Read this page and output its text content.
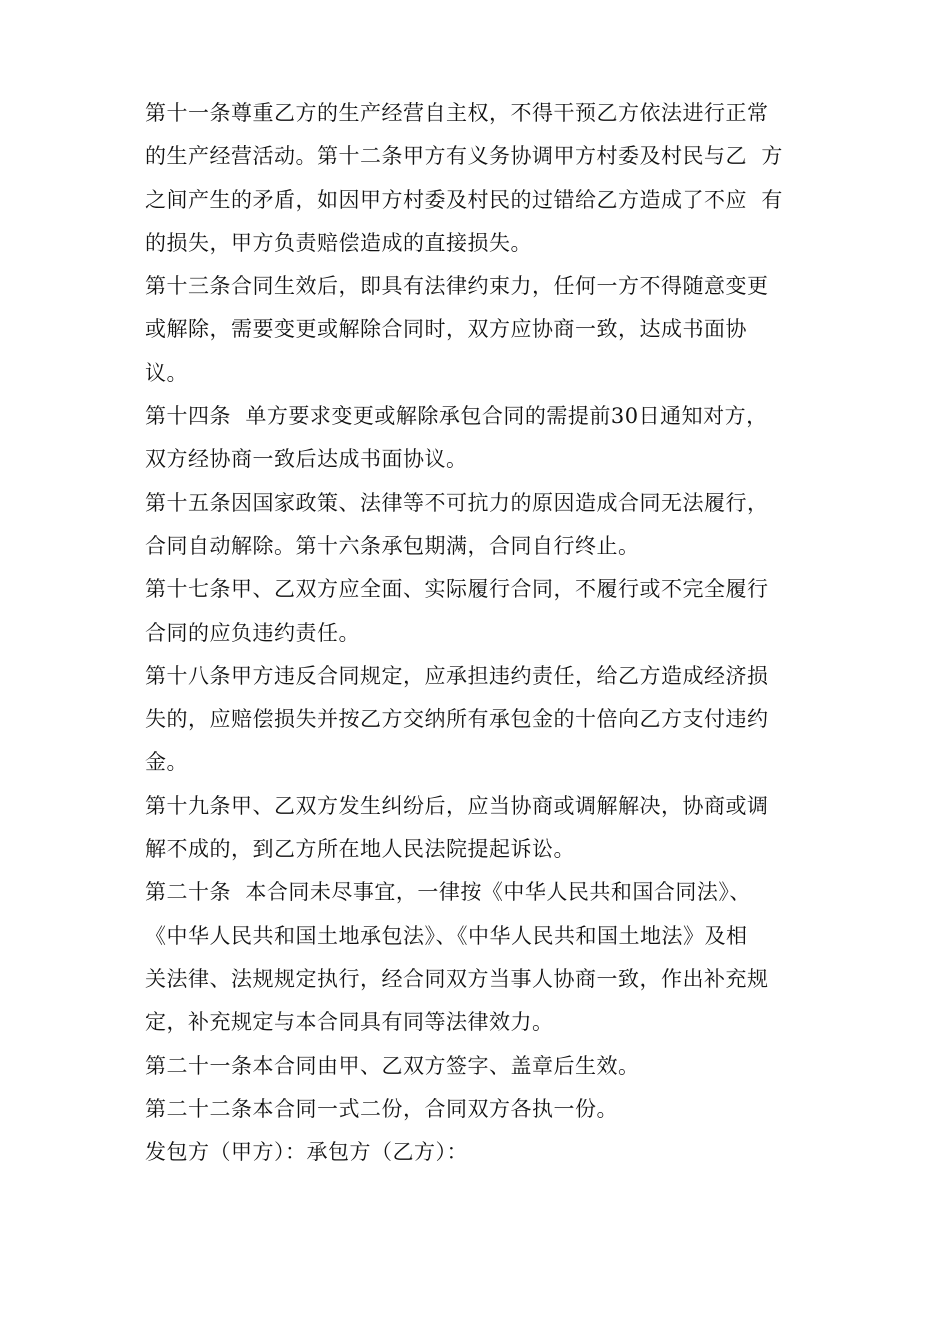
第十一条尊重乙方的生产经营自主权，不得干预乙方依法进行正常
的生产经营活动。第十二条甲方有义务协调甲方村委及村民与乙  方
之间产生的矛盾，如因甲方村委及村民的过错给乙方造成了不应  有
的损失，甲方负责赔偿造成的直接损失。
第十三条合同生效后，即具有法律约束力，任何一方不得随意变更
或解除，需要变更或解除合同时，双方应协商一致，达成书面协
议。
第十四条  单方要求变更或解除承包合同的需提前30日通知对方，
双方经协商一致后达成书面协议。
第十五条因国家政策、法律等不可抗力的原因造成合同无法履行，
合同自动解除。第十六条承包期满，合同自行终止。
第十七条甲、乙双方应全面、实际履行合同，不履行或不完全履行
合同的应负违约责任。
第十八条甲方违反合同规定，应承担违约责任，给乙方造成经济损
失的，应赔偿损失并按乙方交纳所有承包金的十倍向乙方支付违约
金。
第十九条甲、乙双方发生纠纷后，应当协商或调解解决，协商或调
解不成的，到乙方所在地人民法院提起诉讼。
第二十条  本合同未尽事宜，一律按《中华人民共和国合同法》、
《中华人民共和国土地承包法》、《中华人民共和国土地法》及相
关法律、法规规定执行，经合同双方当事人协商一致，作出补充规
定，补充规定与本合同具有同等法律效力。
第二十一条本合同由甲、乙双方签字、盖章后生效。
第二十二条本合同一式二份，合同双方各执一份。
发包方（甲方）：承包方（乙方）：
